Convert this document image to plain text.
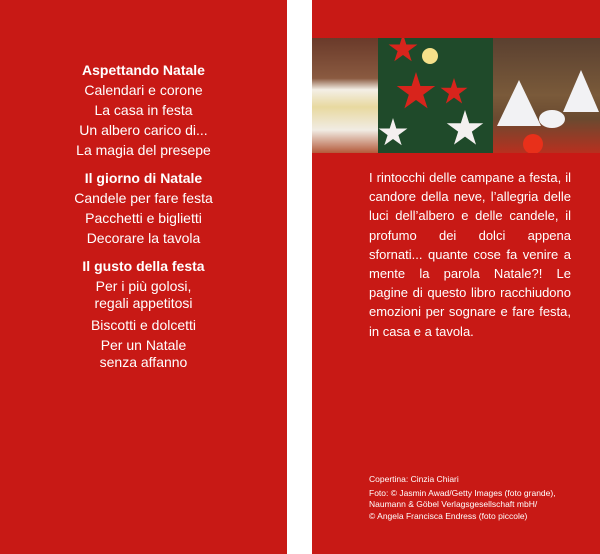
Aspettando Natale
Calendari e corone
La casa in festa
Un albero carico di...
La magia del presepe
Il giorno di Natale
Candele per fare festa
Pacchetti e biglietti
Decorare la tavola
Il gusto della festa
Per i più golosi,
regali appetitosi
Biscotti e dolcetti
Per un Natale
senza affanno

I rintocchi delle campane a festa, il candore della neve, l’allegria delle luci dell’albero e delle candele, il profumo dei dolci appena sfornati... quante cose fa venire a mente la parola Natale?! Le pagine di questo libro racchiudono emozioni per sognare e fare festa, in casa e a tavola.

Copertina: Cinzia Chiari
Foto: © Jasmin Awad/Getty Images (foto grande),
Naumann & Göbel Verlagsgesellschaft mbH/
© Angela Francisca Endress (foto piccole)
